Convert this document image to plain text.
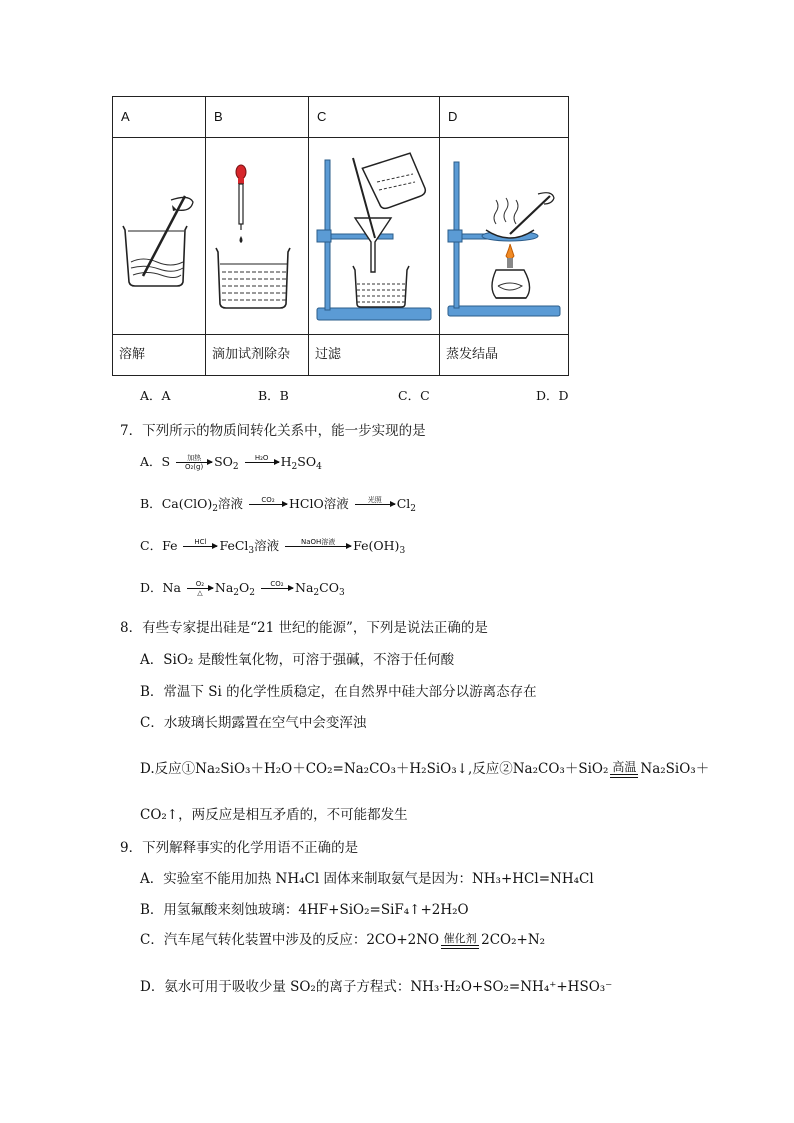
A	B	C	D

溶解	滴加试剂除杂	过滤	蒸发结晶
A．A	B．B	C．C	D．D
7．下列所示的物质间转化关系中，能一步实现的是
A．S	加热
O₂(g) $SO_2$
H₂O
$H_2SO_4$
B．$Ca(ClO)_2$溶液	CO₂
	HClO溶液	光照
	$Cl_2$
C．Fe	HCl
	FeCl$_3$溶液	NaOH溶液
	$Fe(OH)_3$
D．Na	O₂
△ $Na_2O_2$
CO₂
$Na_2CO_3$
8．有些专家提出硅是“21 世纪的能源”，下列是说法正确的是
A．SiO₂ 是酸性氧化物，可溶于强碱，不溶于任何酸
B．常温下 Si 的化学性质稳定，在自然界中硅大部分以游离态存在
C．水玻璃长期露置在空气中会变浑浊
D.反应①Na₂SiO₃＋H₂O＋CO₂=Na₂CO₃＋H₂SiO₃↓,反应②Na₂CO₃＋SiO₂ 高温 Na₂SiO₃＋
CO₂↑，两反应是相互矛盾的，不可能都发生
9．下列解释事实的化学用语不正确的是
A．实验室不能用加热 NH₄Cl 固体来制取氨气是因为：NH₃+HCl=NH₄Cl
B．用氢氟酸来刻蚀玻璃：4HF+SiO₂=SiF₄↑+2H₂O
C．汽车尾气转化装置中涉及的反应：2CO+2NO 催化剂 2CO₂+N₂
D．氨水可用于吸收少量 SO₂的离子方程式：NH₃·H₂O+SO₂=NH₄⁺+HSO₃⁻
